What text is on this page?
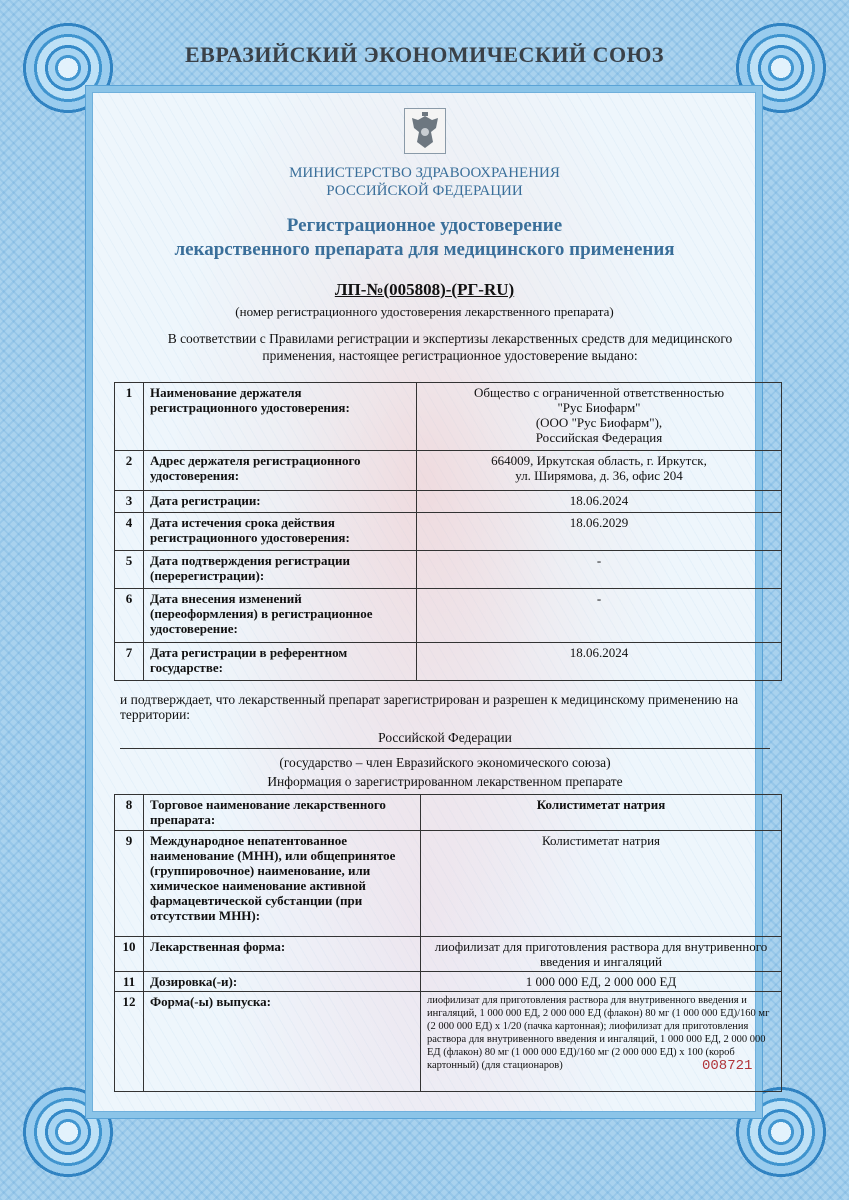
ЕВРАЗИЙСКИЙ ЭКОНОМИЧЕСКИЙ СОЮЗ
МИНИСТЕРСТВО ЗДРАВООХРАНЕНИЯ
РОССИЙСКОЙ ФЕДЕРАЦИИ
Регистрационное удостоверение
лекарственного препарата для медицинского применения
ЛП-№(005808)-(РГ-RU)
(номер регистрационного удостоверения лекарственного препарата)
В соответствии с Правилами регистрации и экспертизы лекарственных средств для медицинского применения, настоящее регистрационное удостоверение выдано:
1	Наименование держателя регистрационного удостоверения:	Общество с ограниченной ответственностью
"Рус Биофарм"
(ООО "Рус Биофарм"),
Российская Федерация

2	Адрес держателя регистрационного удостоверения:	664009, Иркутская область, г. Иркутск,
ул. Ширямова, д. 36, офис 204

3	Дата регистрации:	18.06.2024
4	Дата истечения срока действия регистрационного удостоверения:	18.06.2029
5	Дата подтверждения регистрации (перерегистрации):	-
6	Дата внесения изменений (переоформления) в регистрационное удостоверение:	-
7	Дата регистрации в референтном государстве:	18.06.2024
и подтверждает, что лекарственный препарат зарегистрирован и разрешен к медицинскому применению на территории:
Российской Федерации
(государство – член Евразийского экономического союза)
Информация о зарегистрированном лекарственном препарате
8	Торговое наименование лекарственного препарата:	Колистиметат натрия
9	Международное непатентованное наименование (МНН), или общепринятое (группировочное) наименование, или химическое наименование активной фармацевтической субстанции (при отсутствии МНН):	Колистиметат натрия
10	Лекарственная форма:	лиофилизат для приготовления раствора для внутривенного введения и ингаляций
11	Дозировка(-и):	1 000 000 ЕД, 2 000 000 ЕД
12	Форма(-ы) выпуска:	лиофилизат для приготовления раствора для внутривенного введения и ингаляций, 1 000 000 ЕД, 2 000 000 ЕД (флакон) 80 мг (1 000 000 ЕД)/160 мг (2 000 000 ЕД) x 1/20 (пачка картонная); лиофилизат для приготовления раствора для внутривенного введения и ингаляций, 1 000 000 ЕД, 2 000 000 ЕД (флакон) 80 мг (1 000 000 ЕД)/160 мг (2 000 000 ЕД) x 100 (короб картонный) (для стационаров)	008721
